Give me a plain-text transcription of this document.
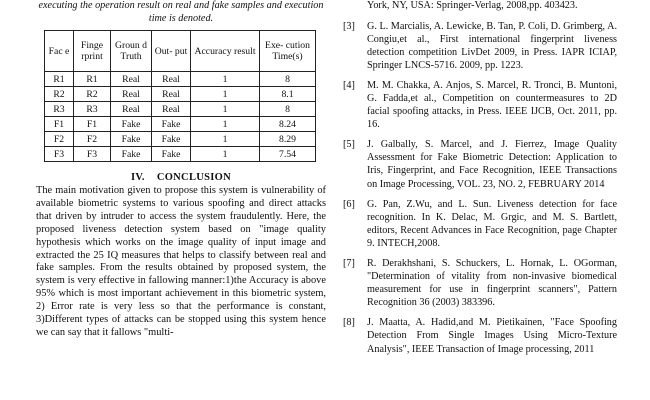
executing the operation result on real and fake samples and execution time is denoted.

Fac e	Finge rprint	Groun d Truth	Out- put	Accuracy result	Exe- cution Time(s)
R1	R1	Real	Real	1	8
R2	R2	Real	Real	1	8.1
R3	R3	Real	Real	1	8
F1	F1	Fake	Fake	1	8.24
F2	F2	Fake	Fake	1	8.29
F3	F3	Fake	Fake	1	7.54
IV. CONCLUSION

The main motivation given to propose this system is vulnerability of available biometric systems to various spoofing and direct attacks that driven by intruder to access the system fraudulently. Here, the proposed liveness detection system based on "image quality hypothesis which works on the image quality of input image and extracted the 25 IQ measures that helps to classify between real and fake samples. From the results obtained by proposed system, the system is very effective in fallowing manner:1)the Accuracy is above 95% which is most important achievement in this biometric system, 2) Error rate is very less so that the performance is constant, 3)Different types of attacks can be stopped using this system hence we can say that it fallows "multi-

York, NY, USA: Springer-Verlag, 2008,pp. 403423.

[3] G. L. Marcialis, A. Lewicke, B. Tan, P. Coli, D. Grimberg, A. Congiu,et al., First international fingerprint liveness detection competition LivDet 2009, in Press. IAPR ICIAP, Springer LNCS-5716. 2009, pp. 1223.
[4] M. M. Chakka, A. Anjos, S. Marcel, R. Tronci, B. Muntoni, G. Fadda,et al., Competition on countermeasures to 2D facial spoofing attacks, in Press. IEEE IJCB, Oct. 2011, pp. 16.
[5] J. Galbally, S. Marcel, and J. Fierrez, Image Quality Assessment for Fake Biometric Detection: Application to Iris, Fingerprint, and Face Recognition, IEEE Transactions on Image Processing, VOL. 23, NO. 2, FEBRUARY 2014
[6] G. Pan, Z.Wu, and L. Sun. Liveness detection for face recognition. In K. Delac, M. Grgic, and M. S. Bartlett, editors, Recent Advances in Face Recognition, page Chapter 9. INTECH,2008.
[7] R. Derakhshani, S. Schuckers, L. Hornak, L. OGorman, "Determination of vitality from non-invasive biomedical measurement for use in fingerprint scanners", Pattern Recognition 36 (2003) 383396.
[8] J. Maatta, A. Hadid,and M. Pietikainen, "Face Spoofing Detection From Single Images Using Micro-Texture Analysis", IEEE Transaction of Image processing, 2011
